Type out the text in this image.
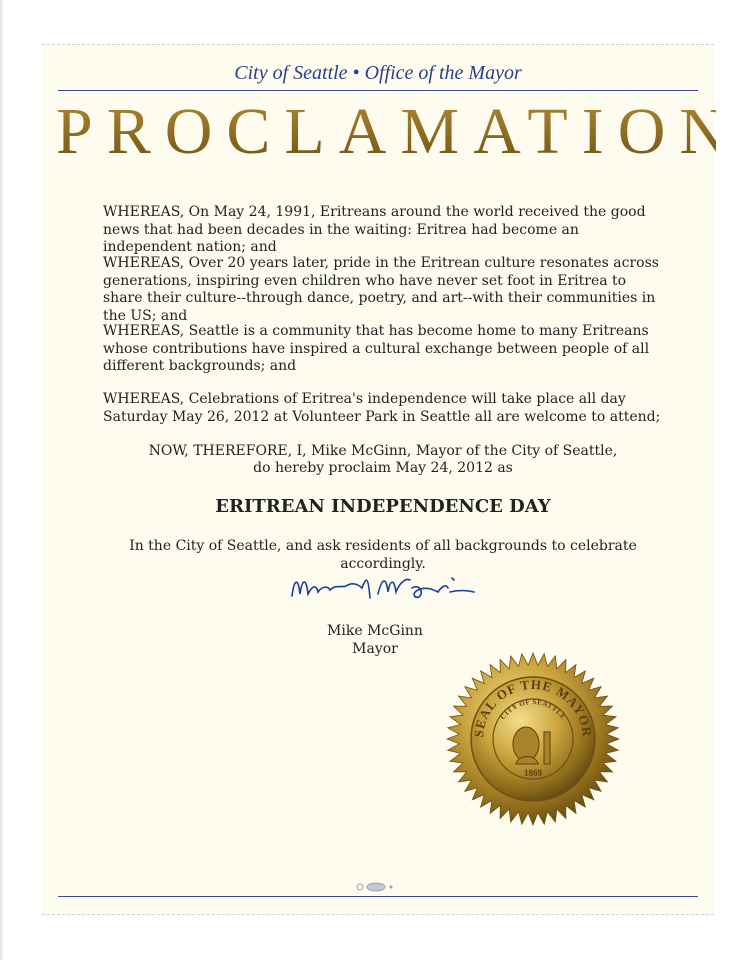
City of Seattle • Office of the Mayor
PROCLAMATION

WHEREAS, On May 24, 1991, Eritreans around the world received the good news that had been decades in the waiting: Eritrea had become an independent nation; and

WHEREAS, Over 20 years later, pride in the Eritrean culture resonates across generations, inspiring even children who have never set foot in Eritrea to share their culture--through dance, poetry, and art--with their communities in the US; and

WHEREAS, Seattle is a community that has become home to many Eritreans whose contributions have inspired a cultural exchange between people of all different backgrounds; and

WHEREAS, Celebrations of Eritrea's independence will take place all day Saturday May 26, 2012 at Volunteer Park in Seattle all are welcome to attend;

NOW, THEREFORE, I, Mike McGinn, Mayor of the City of Seattle,
do hereby proclaim May 24, 2012 as
ERITREAN INDEPENDENCE DAY
In the City of Seattle, and ask residents of all backgrounds to celebrate accordingly.
Mike McGinn
Mayor
SEAL OF THE MAYOR
CITY OF SEATTLE
1869
